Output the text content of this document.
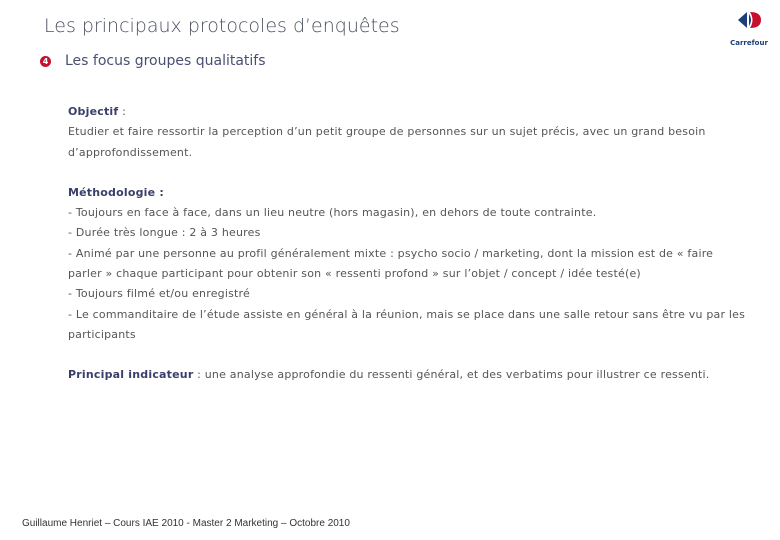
Les principaux protocoles d’enquêtes
Carrefour
4 Les focus groupes qualitatifs
Objectif :
Etudier et faire ressortir la perception d’un petit groupe de personnes sur un sujet précis, avec un grand besoin d’approfondissement.
Méthodologie :
- Toujours en face à face, dans un lieu neutre (hors magasin), en dehors de toute contrainte.
- Durée très longue : 2 à 3 heures
- Animé par une personne au profil généralement mixte : psycho socio / marketing, dont la mission est de « faire parler » chaque participant pour obtenir son « ressenti profond » sur l’objet / concept / idée testé(e)
- Toujours filmé et/ou enregistré
- Le commanditaire de l’étude assiste en général à la réunion, mais se place dans une salle retour sans être vu par les participants
Principal indicateur : une analyse approfondie du ressenti général, et des verbatims pour illustrer ce ressenti.
Guillaume Henriet – Cours IAE 2010 - Master 2 Marketing – Octobre 2010
